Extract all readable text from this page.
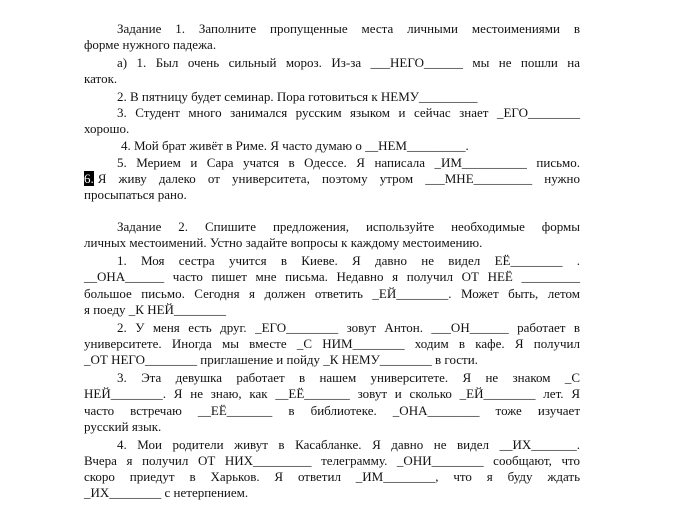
Задание 1. Заполните пропущенные места личными местоимениями в
форме нужного падежа.
а) 1. Был очень сильный мороз. Из-за ___НЕГО______ мы не пошли на
каток.
2. В пятницу будет семинар. Пора готовиться к НЕМУ_________
3. Студент много занимался русским языком и сейчас знает _ЕГО________
хорошо.
4. Мой брат живёт в Риме. Я часто думаю о __НЕМ_________.
5. Мерием и Сара учатся в Одессе. Я написала _ИМ__________ письмо.
6. Я живу далеко от университета, поэтому утром ___МНЕ_________ нужно
просыпаться рано.
Задание 2. Спишите предложения, используйте необходимые формы
личных местоимений. Устно задайте вопросы к каждому местоимению.
1. Моя сестра учится в Киеве. Я давно не видел ЕЁ________ .
__ОНА______ часто пишет мне письма. Недавно я получил ОТ НЕЁ _________
большое письмо. Сегодня я должен ответить _ЕЙ________. Может быть, летом
я поеду _К НЕЙ________
2. У меня есть друг. _ЕГО________ зовут Антон. ___ОН______ работает в
университете. Иногда мы вместе _С НИМ________ ходим в кафе. Я получил
_ОТ НЕГО________ приглашение и пойду _К НЕМУ________ в гости.
3. Эта девушка работает в нашем университете. Я не знаком _С
НЕЙ________. Я не знаю, как __ЕЁ_______ зовут и сколько _ЕЙ________ лет. Я
часто встречаю __ЕЁ_______ в библиотеке. _ОНА________ тоже изучает
русский язык.
4. Мои родители живут в Касабланке. Я давно не видел __ИХ_______.
Вчера я получил ОТ НИХ_________ телеграмму. _ОНИ________ сообщают, что
скоро приедут в Харьков. Я ответил _ИМ________, что я буду ждать
_ИХ________ с нетерпением.
